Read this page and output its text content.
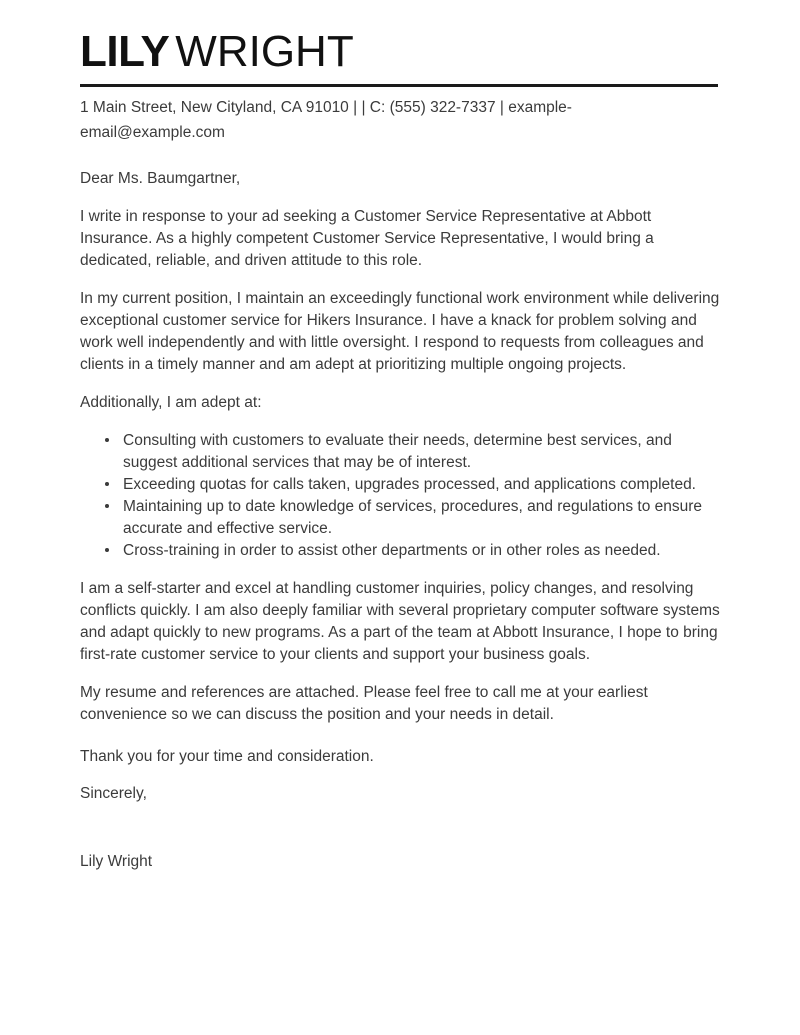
LILY WRIGHT

1 Main Street, New Cityland, CA 91010 | | C: (555) 322-7337 | example-email@example.com

Dear Ms. Baumgartner,

I write in response to your ad seeking a Customer Service Representative at Abbott Insurance. As a highly competent Customer Service Representative, I would bring a dedicated, reliable, and driven attitude to this role.

In my current position, I maintain an exceedingly functional work environment while delivering exceptional customer service for Hikers Insurance. I have a knack for problem solving and work well independently and with little oversight. I respond to requests from colleagues and clients in a timely manner and am adept at prioritizing multiple ongoing projects.

Additionally, I am adept at:

Consulting with customers to evaluate their needs, determine best services, and suggest additional services that may be of interest.
Exceeding quotas for calls taken, upgrades processed, and applications completed.
Maintaining up to date knowledge of services, procedures, and regulations to ensure accurate and effective service.
Cross-training in order to assist other departments or in other roles as needed.

I am a self-starter and excel at handling customer inquiries, policy changes, and resolving conflicts quickly. I am also deeply familiar with several proprietary computer software systems and adapt quickly to new programs. As a part of the team at Abbott Insurance, I hope to bring first-rate customer service to your clients and support your business goals.

My resume and references are attached. Please feel free to call me at your earliest convenience so we can discuss the position and your needs in detail.

Thank you for your time and consideration.

Sincerely,

Lily Wright
